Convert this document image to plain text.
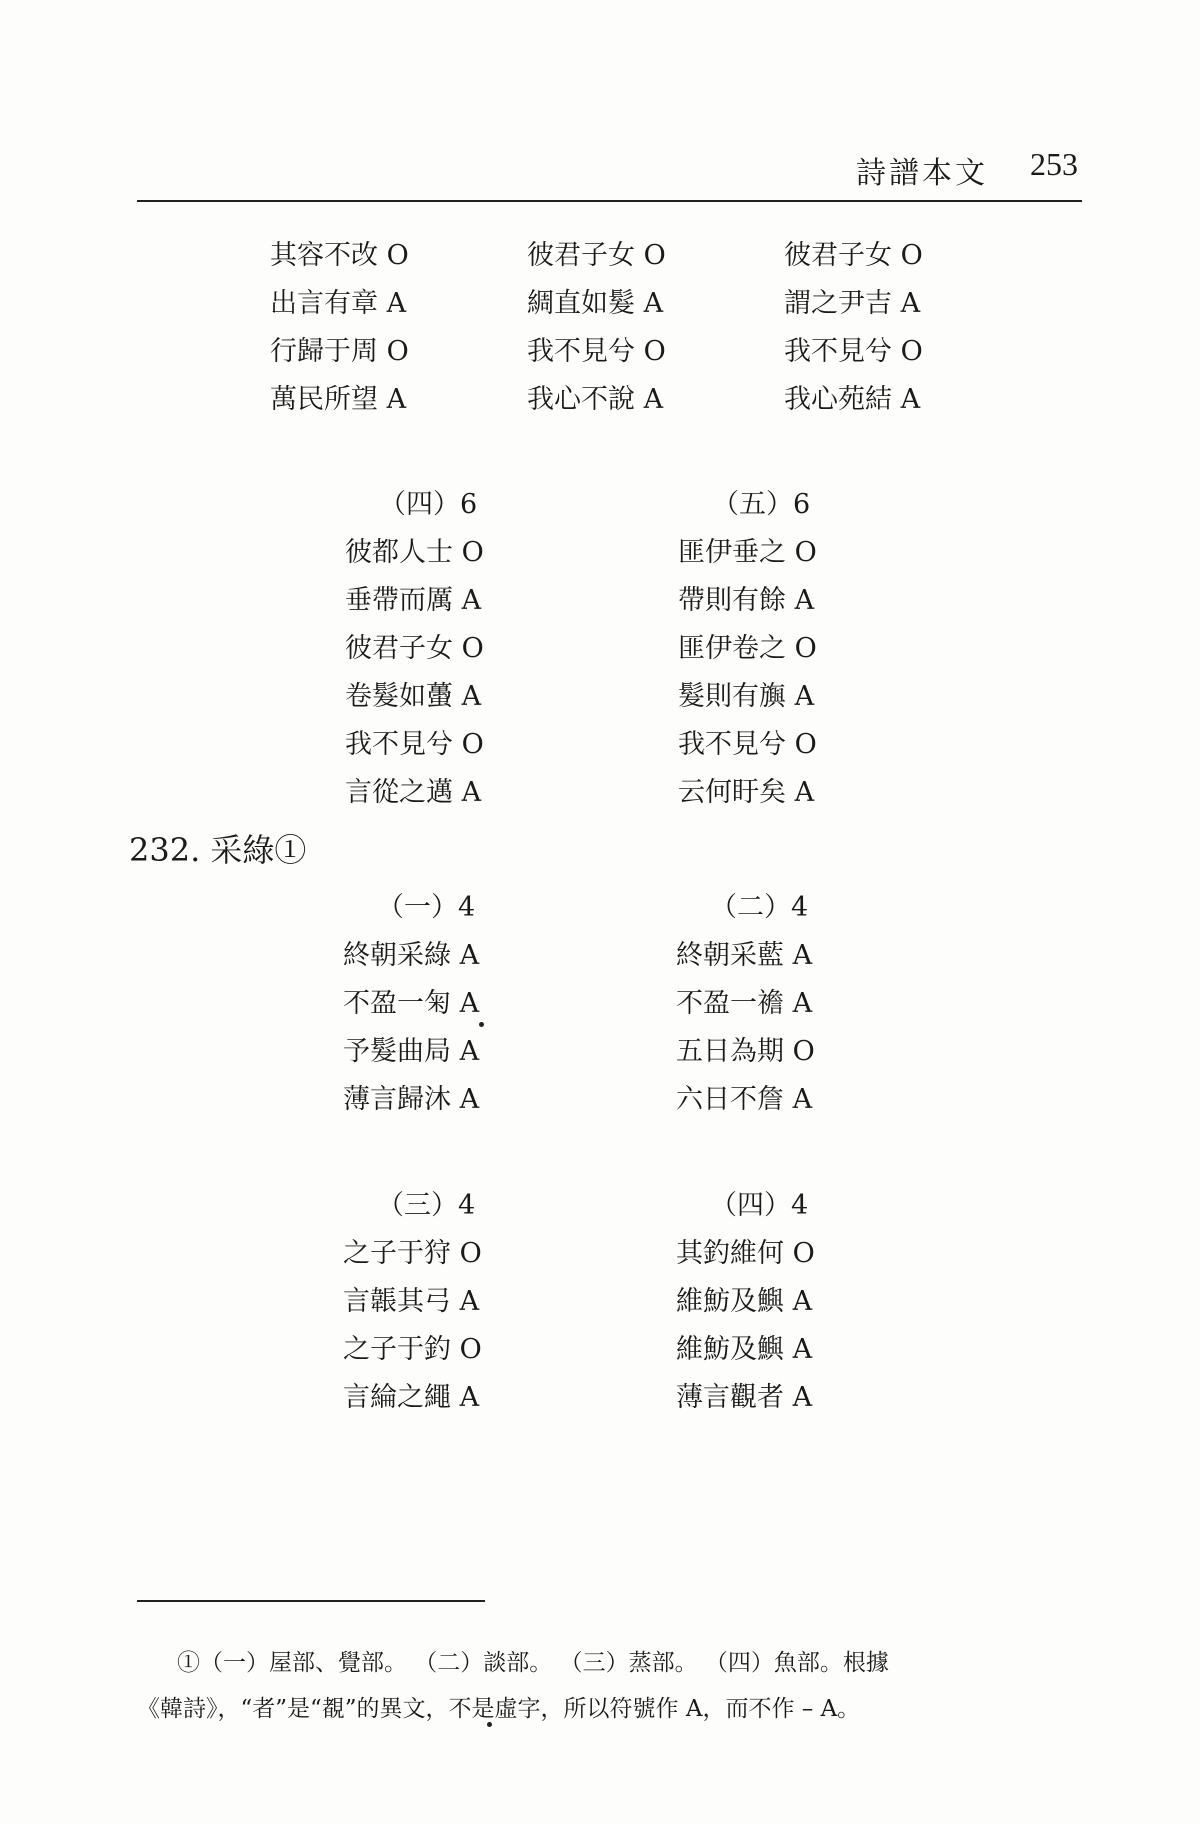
詩譜本文 253
其容不改 O
出言有章 A
行歸于周 O
萬民所望 A
彼君子女 O
綢直如髮 A
我不見兮 O
我心不說 A
彼君子女 O
謂之尹吉 A
我不見兮 O
我心苑結 A
（四）6
彼都人士 O
垂帶而厲 A
彼君子女 O
卷髮如蠆 A
我不見兮 O
言從之邁 A
（五）6
匪伊垂之 O
帶則有餘 A
匪伊卷之 O
髮則有旟 A
我不見兮 O
云何盱矣 A
232. 采綠①
（一）4
終朝采綠 A
不盈一匊 A
予髮曲局 A
薄言歸沐 A
（二）4
終朝采藍 A
不盈一襜 A
五日為期 O
六日不詹 A
（三）4
之子于狩 O
言韔其弓 A
之子于釣 O
言綸之繩 A
（四）4
其釣維何 O
維魴及鱮 A
維魴及鱮 A
薄言觀者 A
①（一）屋部、覺部。 （二）談部。 （三）蒸部。 （四）魚部。根據
《韓詩》，“者”是“覩”的異文，不是虛字，所以符號作 A，而不作 – A。
